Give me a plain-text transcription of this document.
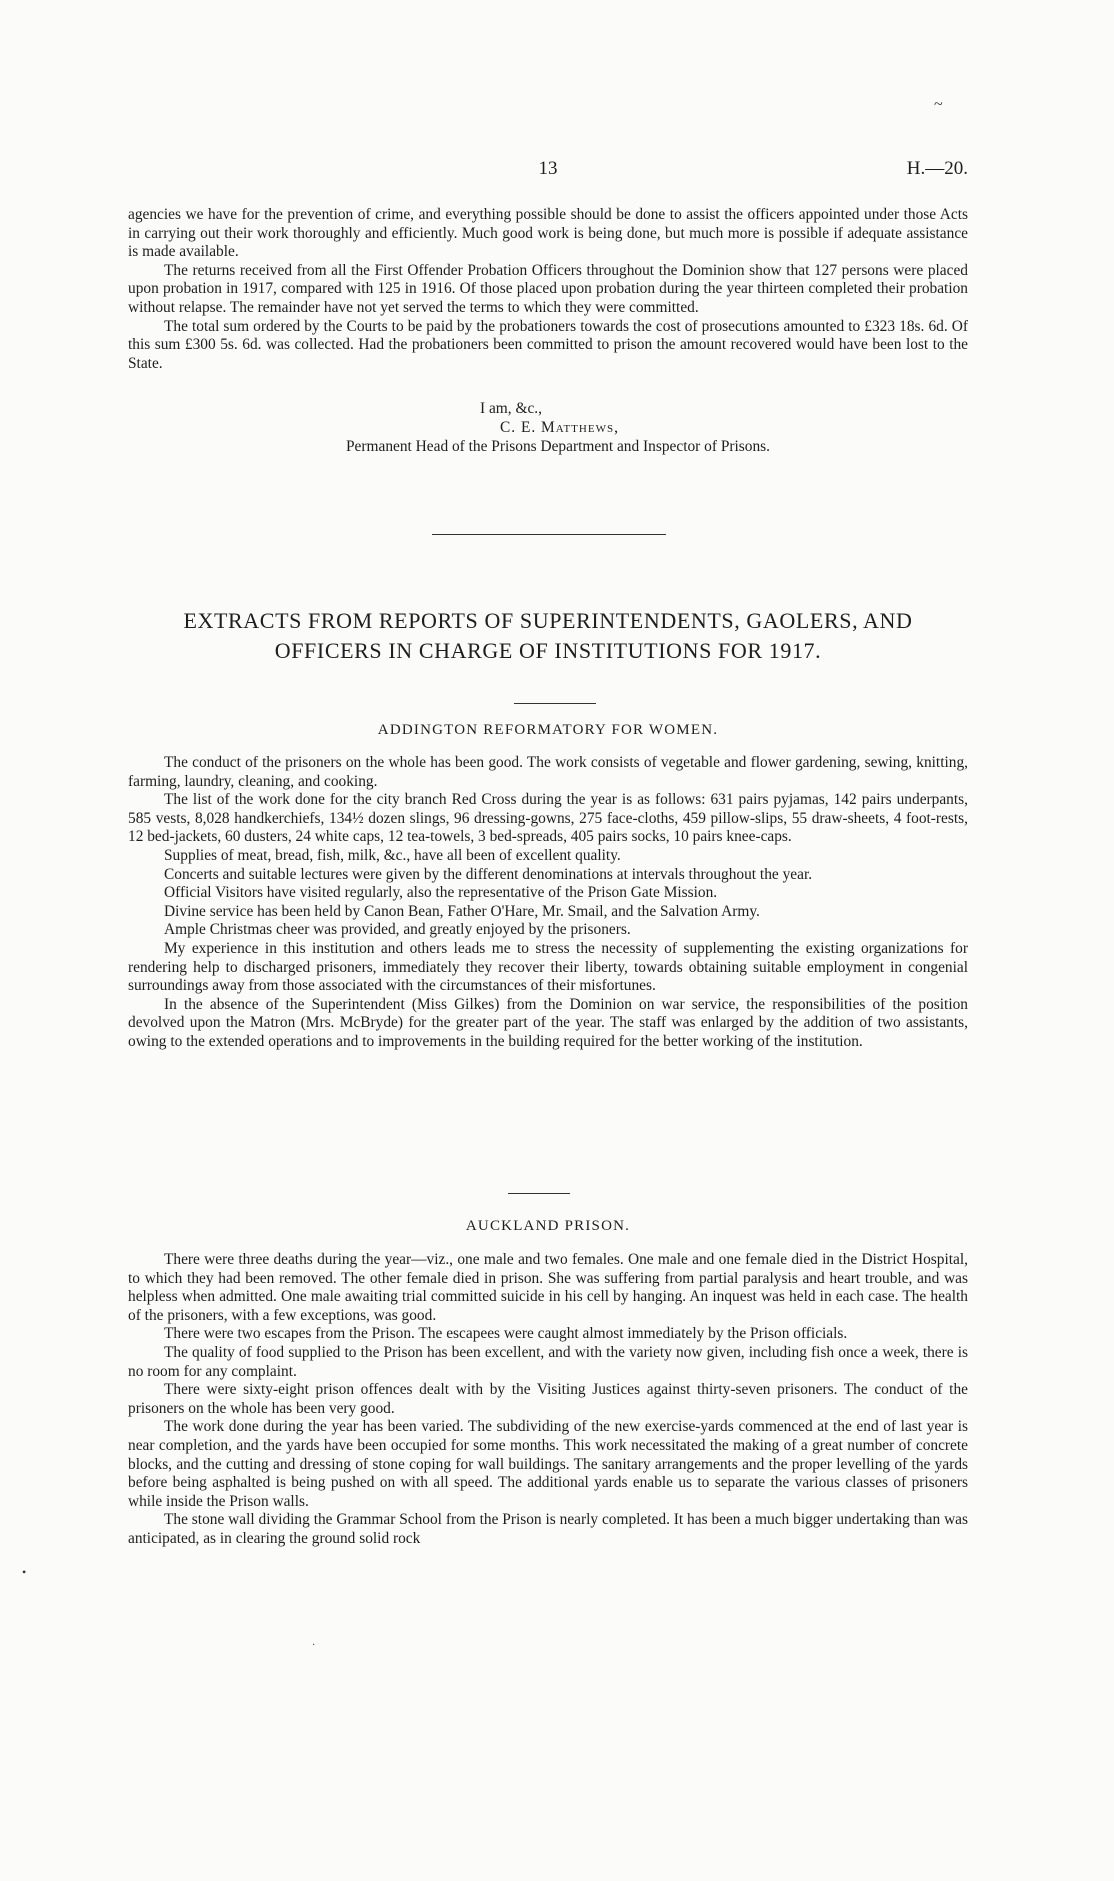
~
13	H.—20.

agencies we have for the prevention of crime, and everything possible should be done to assist the officers appointed under those Acts in carrying out their work thoroughly and efficiently. Much good work is being done, but much more is possible if adequate assistance is made available.

The returns received from all the First Offender Probation Officers throughout the Dominion show that 127 persons were placed upon probation in 1917, compared with 125 in 1916. Of those placed upon probation during the year thirteen completed their probation without relapse. The remainder have not yet served the terms to which they were committed.

The total sum ordered by the Courts to be paid by the probationers towards the cost of prosecutions amounted to £323 18s. 6d. Of this sum £300 5s. 6d. was collected. Had the probationers been committed to prison the amount recovered would have been lost to the State.

I am, &c.,
C. E. Matthews,
Permanent Head of the Prisons Department and Inspector of Prisons.
EXTRACTS FROM REPORTS OF SUPERINTENDENTS, GAOLERS, AND
OFFICERS IN CHARGE OF INSTITUTIONS FOR 1917.
ADDINGTON REFORMATORY FOR WOMEN.

The conduct of the prisoners on the whole has been good. The work consists of vegetable and flower gardening, sewing, knitting, farming, laundry, cleaning, and cooking.

The list of the work done for the city branch Red Cross during the year is as follows: 631 pairs pyjamas, 142 pairs underpants, 585 vests, 8,028 handkerchiefs, 134½ dozen slings, 96 dressing-gowns, 275 face-cloths, 459 pillow-slips, 55 draw-sheets, 4 foot-rests, 12 bed-jackets, 60 dusters, 24 white caps, 12 tea-towels, 3 bed-spreads, 405 pairs socks, 10 pairs knee-caps.

Supplies of meat, bread, fish, milk, &c., have all been of excellent quality.

Concerts and suitable lectures were given by the different denominations at intervals throughout the year.

Official Visitors have visited regularly, also the representative of the Prison Gate Mission.

Divine service has been held by Canon Bean, Father O'Hare, Mr. Smail, and the Salvation Army.

Ample Christmas cheer was provided, and greatly enjoyed by the prisoners.

My experience in this institution and others leads me to stress the necessity of supplementing the existing organizations for rendering help to discharged prisoners, immediately they recover their liberty, towards obtaining suitable employment in congenial surroundings away from those associated with the circumstances of their misfortunes.

In the absence of the Superintendent (Miss Gilkes) from the Dominion on war service, the responsibilities of the position devolved upon the Matron (Mrs. McBryde) for the greater part of the year. The staff was enlarged by the addition of two assistants, owing to the extended operations and to improvements in the building required for the better working of the institution.

AUCKLAND PRISON.

There were three deaths during the year—viz., one male and two females. One male and one female died in the District Hospital, to which they had been removed. The other female died in prison. She was suffering from partial paralysis and heart trouble, and was helpless when admitted. One male awaiting trial committed suicide in his cell by hanging. An inquest was held in each case. The health of the prisoners, with a few exceptions, was good.

There were two escapes from the Prison. The escapees were caught almost immediately by the Prison officials.

The quality of food supplied to the Prison has been excellent, and with the variety now given, including fish once a week, there is no room for any complaint.

There were sixty-eight prison offences dealt with by the Visiting Justices against thirty-seven prisoners. The conduct of the prisoners on the whole has been very good.

The work done during the year has been varied. The subdividing of the new exercise-yards commenced at the end of last year is near completion, and the yards have been occupied for some months. This work necessitated the making of a great number of concrete blocks, and the cutting and dressing of stone coping for wall buildings. The sanitary arrangements and the proper levelling of the yards before being asphalted is being pushed on with all speed. The additional yards enable us to separate the various classes of prisoners while inside the Prison walls.

The stone wall dividing the Grammar School from the Prison is nearly completed. It has been a much bigger undertaking than was anticipated, as in clearing the ground solid rock

•
·
